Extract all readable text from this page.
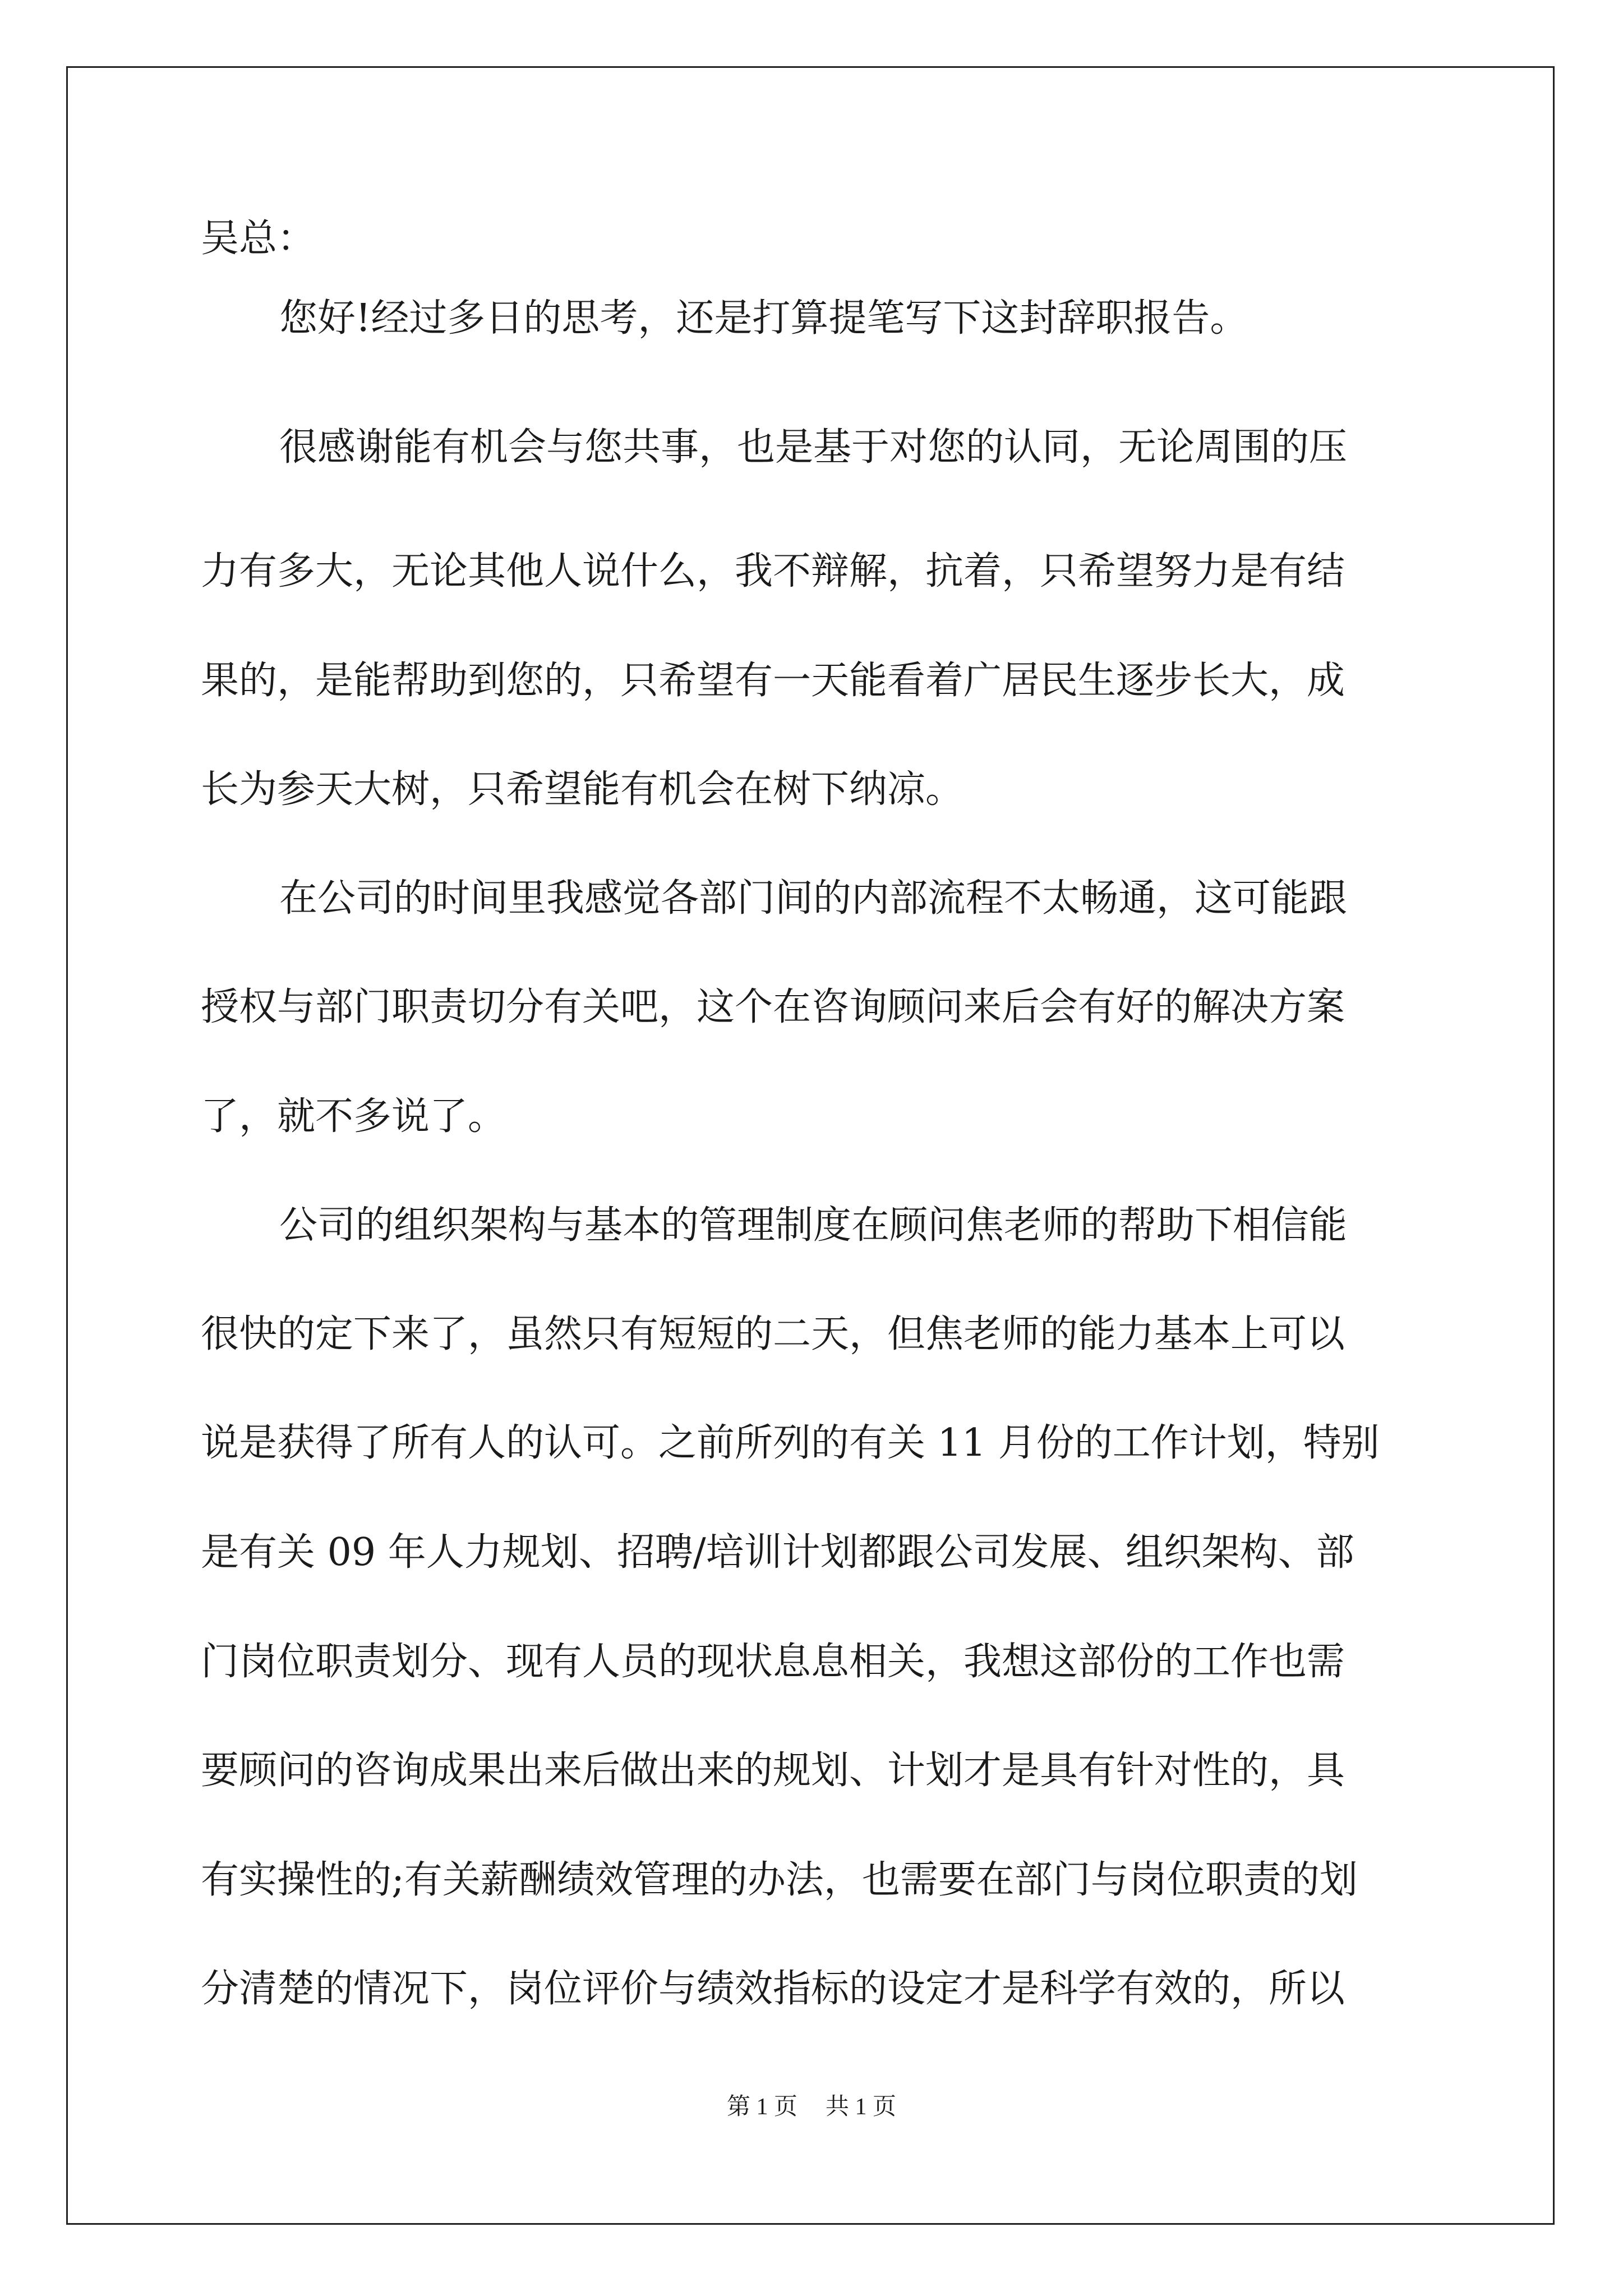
吴总：
您好!经过多日的思考，还是打算提笔写下这封辞职报告。
很感谢能有机会与您共事，也是基于对您的认同，无论周围的压
力有多大，无论其他人说什么，我不辩解，抗着，只希望努力是有结
果的，是能帮助到您的，只希望有一天能看着广居民生逐步长大，成
长为参天大树，只希望能有机会在树下纳凉。
在公司的时间里我感觉各部门间的内部流程不太畅通，这可能跟
授权与部门职责切分有关吧，这个在咨询顾问来后会有好的解决方案
了，就不多说了。
公司的组织架构与基本的管理制度在顾问焦老师的帮助下相信能
很快的定下来了，虽然只有短短的二天，但焦老师的能力基本上可以
说是获得了所有人的认可。之前所列的有关 11 月份的工作计划，特别
是有关 09 年人力规划、招聘/培训计划都跟公司发展、组织架构、部
门岗位职责划分、现有人员的现状息息相关，我想这部份的工作也需
要顾问的咨询成果出来后做出来的规划、计划才是具有针对性的，具
有实操性的;有关薪酬绩效管理的办法，也需要在部门与岗位职责的划
分清楚的情况下，岗位评价与绩效指标的设定才是科学有效的，所以
第 1 页 共 1 页
